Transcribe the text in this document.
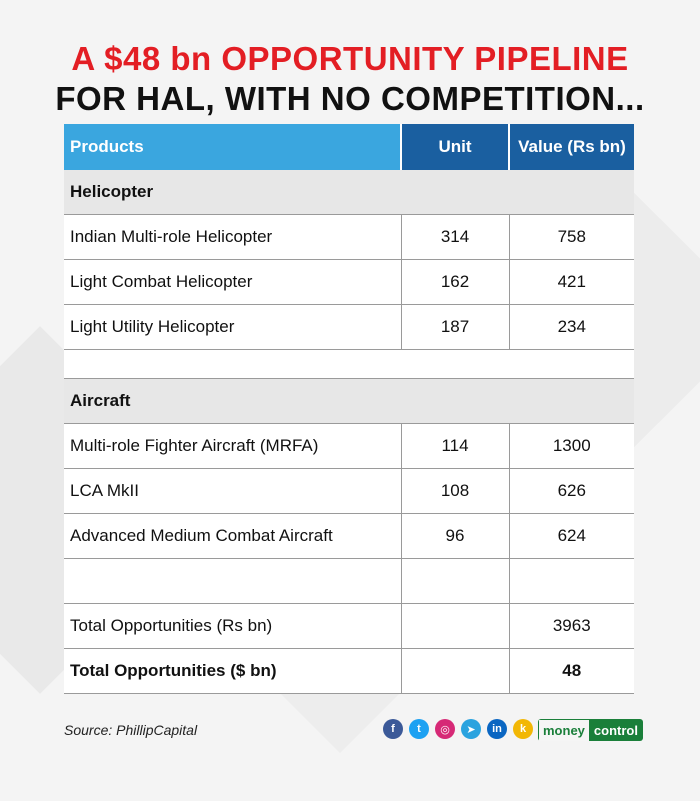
A $48 bn OPPORTUNITY PIPELINE
FOR HAL, WITH NO COMPETITION...
Products	Unit	Value (Rs bn)
Helicopter		
Indian Multi-role Helicopter	314	758
Light Combat Helicopter	162	421
Light Utility Helicopter	187	234

Aircraft		
Multi-role Fighter Aircraft (MRFA)	114	1300
LCA MkII	108	626
Advanced Medium Combat Aircraft	96	624

Total Opportunities (Rs bn)		3963
Total Opportunities ($ bn)		48
Source: PhillipCapital	f	t	◎	➤	in	k	money control
